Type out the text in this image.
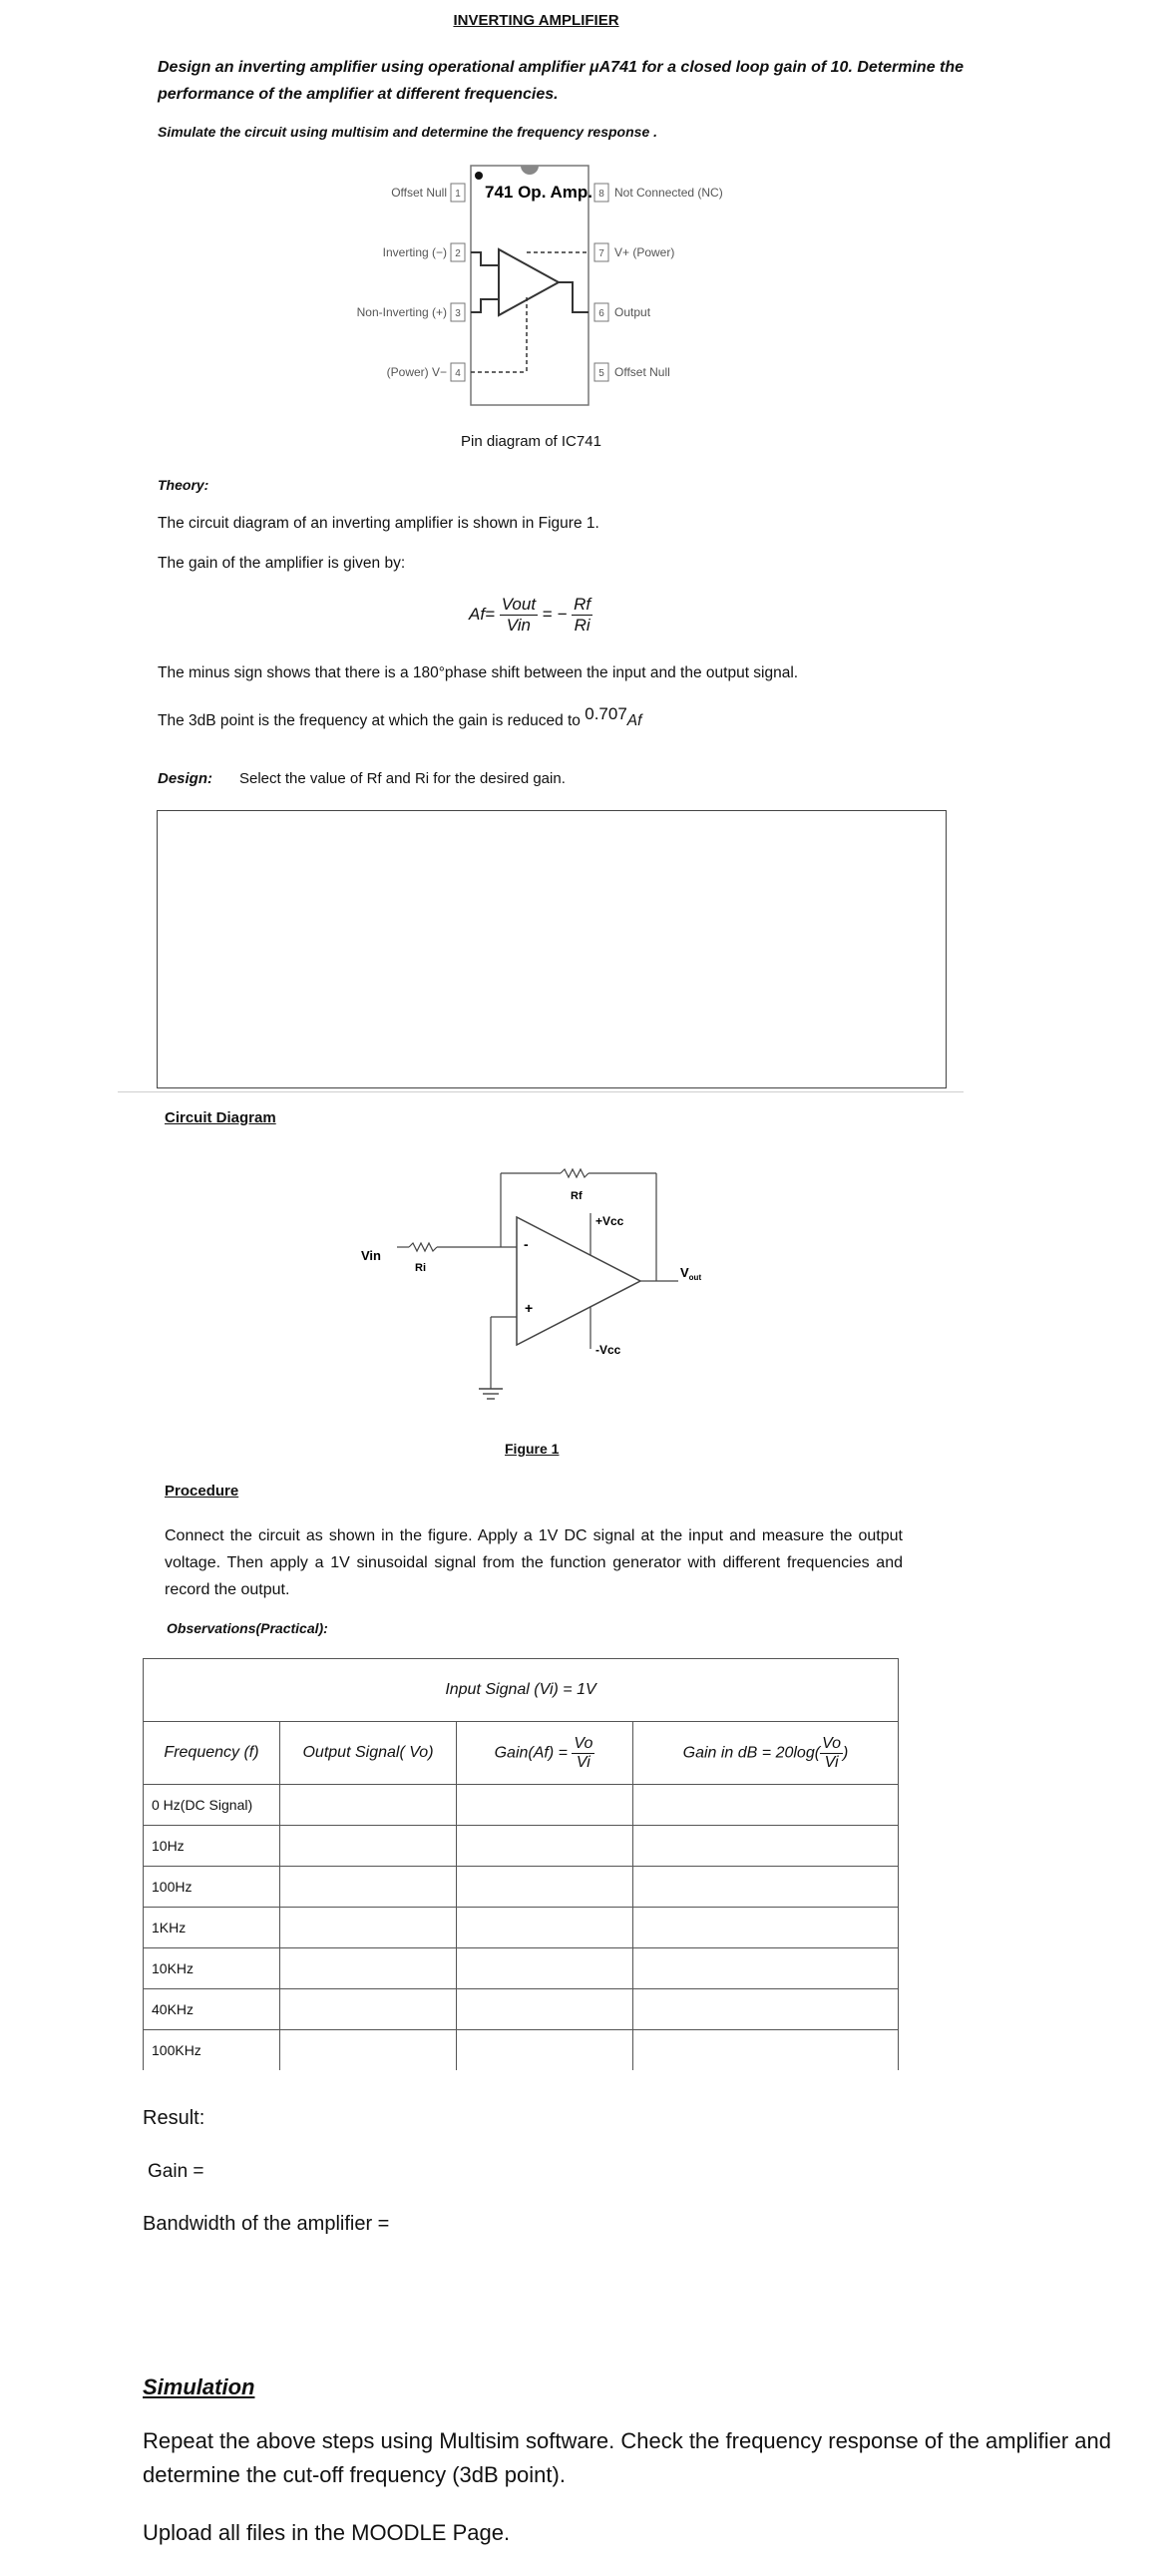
INVERTING AMPLIFIER
Design an inverting amplifier using operational amplifier μA741 for a closed loop gain of 10. Determine the performance of the amplifier at different frequencies.
Simulate the circuit using multisim and determine the frequency response .
741 Op. Amp.
1
2
3
4
Offset Null
Inverting (−)
Non-Inverting (+)
(Power) V−
8
7
6
5
Not Connected (NC)
V+ (Power)
Output
Offset Null
Pin diagram of IC741
Theory:
The circuit diagram of an inverting amplifier is shown in Figure 1.
The gain of the amplifier is given by:
$Af= \frac{\text{Vout}}{\text{Vin}}$ = − $\frac{Rf}{Ri}$
The minus sign shows that there is a 180°phase shift between the input and the output signal.
The 3dB point is the frequency at which the gain is reduced to 0.707Af
Design: Select the value of Rf and Ri for the desired gain.
Circuit Diagram
-
+
Vin
Ri
Rf
$V_{out}$
+Vcc
-Vcc
Figure 1
Procedure
Connect the circuit as shown in the figure. Apply a 1V DC signal at the input and measure the output voltage. Then apply a 1V sinusoidal signal from the function generator with different frequencies and record the output.
Observations(Practical):
Input Signal (Vi) = 1V			
Frequency (f)	Output Signal( Vo)	Gain(Af) = $\frac{Vo}{Vi}$	Gain in dB = $20\log( \frac{Vo}{Vi}$ )
0 Hz(DC Signal)			
10Hz			
100Hz			
1KHz			
10KHz			
40KHz			
100KHz			
Result:
Gain =
Bandwidth of the amplifier =
Simulation
Repeat the above steps using Multisim software. Check the frequency response of the amplifier and determine the cut-off frequency (3dB point).
Upload all files in the MOODLE Page.
